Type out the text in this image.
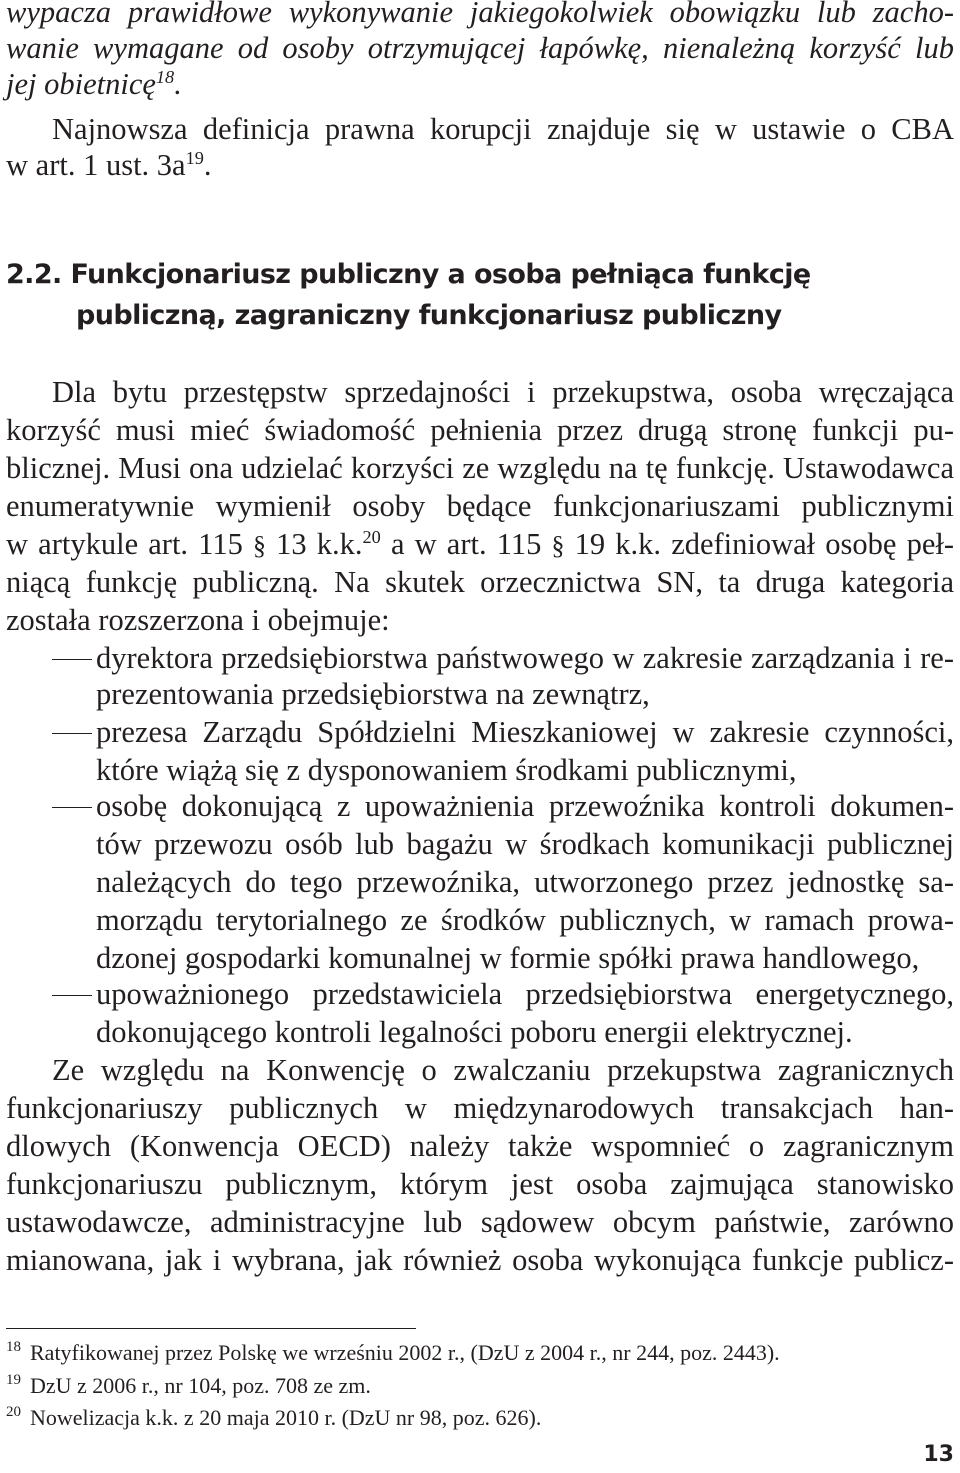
wypacza prawidłowe wykonywanie jakiegokolwiek obowiązku lub zacho-
wanie wymagane od osoby otrzymującej łapówkę, nienależną korzyść lub
jej obietnicę$^{18}$.
Najnowsza definicja prawna korupcji znajduje się w ustawie o CBA
w art. 1 ust. $3a^{19}$.
2.2. Funkcjonariusz publiczny a osoba pełniąca funkcję
publiczną, zagraniczny funkcjonariusz publiczny
Dla bytu przestępstw sprzedajności i przekupstwa, osoba wręczająca
korzyść musi mieć świadomość pełnienia przez drugą stronę funkcji pu-
blicznej. Musi ona udzielać korzyści ze względu na tę funkcję. Ustawodawca
enumeratywnie wymienił osoby będące funkcjonariuszami publicznymi
w artykule art. 115 § 13 k.k.$^{20}$ a w art. 115 § 19 k.k. zdefiniował osobę peł-
niącą funkcję publiczną. Na skutek orzecznictwa SN, ta druga kategoria
została rozszerzona i obejmuje:
dyrektora przedsiębiorstwa państwowego w zakresie zarządzania i re-
prezentowania przedsiębiorstwa na zewnątrz,
prezesa Zarządu Spółdzielni Mieszkaniowej w zakresie czynności,
które wiążą się z dysponowaniem środkami publicznymi,
osobę dokonującą z upoważnienia przewoźnika kontroli dokumen-
tów przewozu osób lub bagażu w środkach komunikacji publicznej
należących do tego przewoźnika, utworzonego przez jednostkę sa-
morządu terytorialnego ze środków publicznych, w ramach prowa-
dzonej gospodarki komunalnej w formie spółki prawa handlowego,
upoważnionego przedstawiciela przedsiębiorstwa energetycznego,
dokonującego kontroli legalności poboru energii elektrycznej.
Ze względu na Konwencję o zwalczaniu przekupstwa zagranicznych
funkcjonariuszy publicznych w międzynarodowych transakcjach han-
dlowych (Konwencja OECD) należy także wspomnieć o zagranicznym
funkcjonariuszu publicznym, którym jest osoba zajmująca stanowisko
ustawodawcze, administracyjne lub sądowew obcym państwie, zarówno
mianowana, jak i wybrana, jak również osoba wykonująca funkcje publicz-
18 Ratyfikowanej przez Polskę we wrześniu 2002 r., (DzU z 2004 r., nr 244, poz. 2443).
19 DzU z 2006 r., nr 104, poz. 708 ze zm.
20 Nowelizacja k.k. z 20 maja 2010 r. (DzU nr 98, poz. 626).
13
